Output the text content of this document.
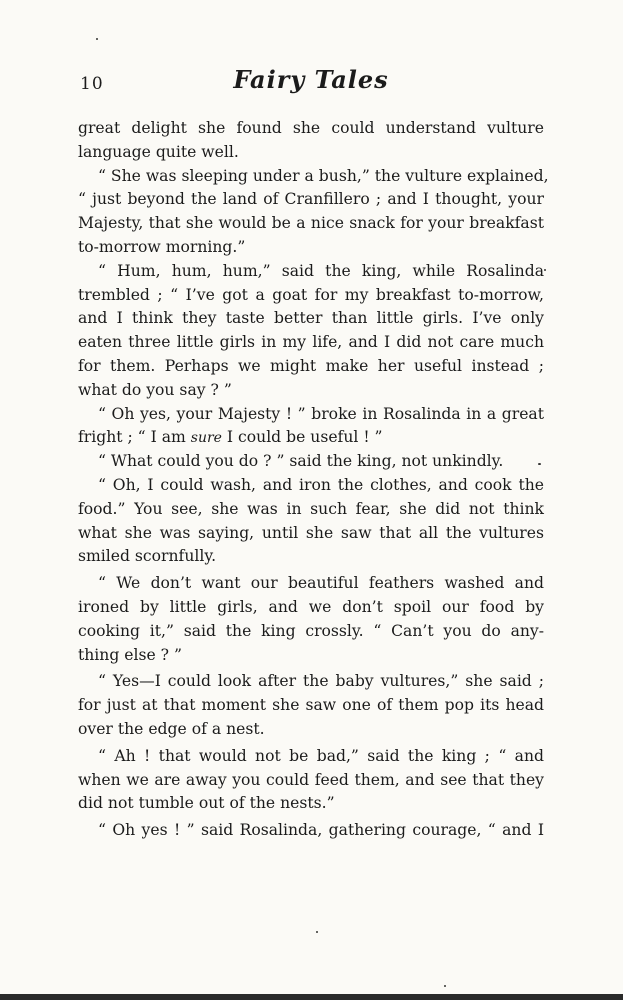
10	Fairy Tales
great delight she found she could understand vulture
language quite well.
“ She was sleeping under a bush,” the vulture explained,
“ just beyond the land of Cranfillero ; and I thought, your
Majesty, that she would be a nice snack for your breakfast
to-morrow morning.”
“ Hum, hum, hum,” said the king, while Rosalinda
trembled ; “ I’ve got a goat for my breakfast to-morrow,
and I think they taste better than little girls. I’ve only
eaten three little girls in my life, and I did not care much
for them. Perhaps we might make her useful instead ;
what do you say ? ”
“ Oh yes, your Majesty ! ” broke in Rosalinda in a great
fright ; “ I am sure I could be useful ! ”
“ What could you do ? ” said the king, not unkindly.
“ Oh, I could wash, and iron the clothes, and cook the
food.” You see, she was in such fear, she did not think
what she was saying, until she saw that all the vultures
smiled scornfully.
“ We don’t want our beautiful feathers washed and
ironed by little girls, and we don’t spoil our food by
cooking it,” said the king crossly. “ Can’t you do any-
thing else ? ”
“ Yes—I could look after the baby vultures,” she said ;
for just at that moment she saw one of them pop its head
over the edge of a nest.
“ Ah ! that would not be bad,” said the king ; “ and
when we are away you could feed them, and see that they
did not tumble out of the nests.”
“ Oh yes ! ” said Rosalinda, gathering courage, “ and I
